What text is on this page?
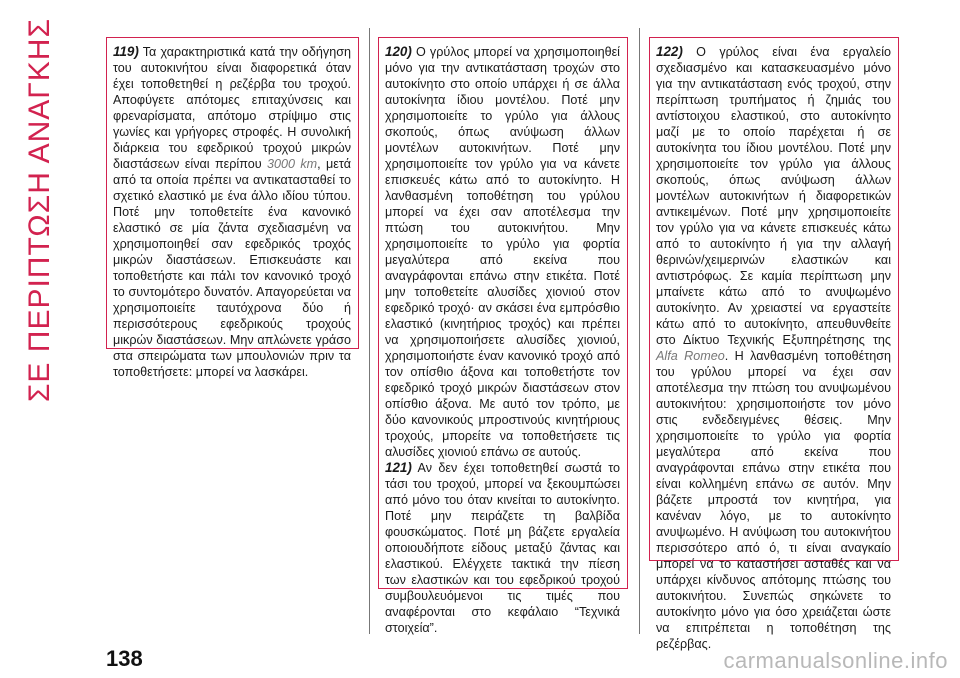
ΣΕ ΠΕΡΙΠΤΩΣΗ ΑΝΑΓΚΗΣ	119) Τα χαρακτηριστικά κατά την οδήγηση του αυτοκινήτου είναι διαφορετικά όταν έχει τοποθετηθεί η ρεζέρβα του τροχού. Αποφύγετε απότομες επιταχύνσεις και φρεναρίσματα, απότομο στρίψιμο στις γωνίες και γρήγορες στροφές. Η συνολική διάρκεια του εφεδρικού τροχού μικρών διαστάσεων είναι περίπου 3000 km, μετά από τα οποία πρέπει να αντικατασταθεί το σχετικό ελαστικό με ένα άλλο ιδίου τύπου. Ποτέ μην τοποθετείτε ένα κανονικό ελαστικό σε μία ζάντα σχεδιασμένη να χρησιμοποιηθεί σαν εφεδρικός τροχός μικρών διαστάσεων. Επισκευάστε και τοποθετήστε και πάλι τον κανονικό τροχό το συντομότερο δυνατόν. Απαγορεύεται να χρησιμοποιείτε ταυτόχρονα δύο ή περισσότερους εφεδρικούς τροχούς μικρών διαστάσεων. Μην απλώνετε γράσο στα σπειρώματα των μπουλονιών πριν τα τοποθετήσετε: μπορεί να λασκάρει.

120) Ο γρύλος μπορεί να χρησιμοποιηθεί μόνο για την αντικατάσταση τροχών στο αυτοκίνητο στο οποίο υπάρχει ή σε άλλα αυτοκίνητα ίδιου μοντέλου. Ποτέ μην χρησιμοποιείτε το γρύλο για άλλους σκοπούς, όπως ανύψωση άλλων μοντέλων αυτοκινήτων. Ποτέ μην χρησιμοποιείτε τον γρύλο για να κάνετε επισκευές κάτω από το αυτοκίνητο. Η λανθασμένη τοποθέτηση του γρύλου μπορεί να έχει σαν αποτέλεσμα την πτώση του αυτοκινήτου. Μην χρησιμοποιείτε το γρύλο για φορτία μεγαλύτερα από εκείνα που αναγράφονται επάνω στην ετικέτα. Ποτέ μην τοποθετείτε αλυσίδες χιονιού στον εφεδρικό τροχό· αν σκάσει ένα εμπρόσθιο ελαστικό (κινητήριος τροχός) και πρέπει να χρησιμοποιήσετε αλυσίδες χιονιού, χρησιμοποιήστε έναν κανονικό τροχό από τον οπίσθιο άξονα και τοποθετήστε τον εφεδρικό τροχό μικρών διαστάσεων στον οπίσθιο άξονα. Με αυτό τον τρόπο, με δύο κανονικούς μπροστινούς κινητήριους τροχούς, μπορείτε να τοποθετήσετε τις αλυσίδες χιονιού επάνω σε αυτούς.

121) Αν δεν έχει τοποθετηθεί σωστά το τάσι του τροχού, μπορεί να ξεκουμπώσει από μόνο του όταν κινείται το αυτοκίνητο. Ποτέ μην πειράζετε τη βαλβίδα φουσκώματος. Ποτέ μη βάζετε εργαλεία οποιουδήποτε είδους μεταξύ ζάντας και ελαστικού. Ελέγχετε τακτικά την πίεση των ελαστικών και του εφεδρικού τροχού συμβουλευόμενοι τις τιμές που αναφέρονται στο κεφάλαιο “Τεχνικά στοιχεία”.

122) Ο γρύλος είναι ένα εργαλείο σχεδιασμένο και κατασκευασμένο μόνο για την αντικατάσταση ενός τροχού, στην περίπτωση τρυπήματος ή ζημιάς του αντίστοιχου ελαστικού, στο αυτοκίνητο μαζί με το οποίο παρέχεται ή σε αυτοκίνητα του ίδιου μοντέλου. Ποτέ μην χρησιμοποιείτε τον γρύλο για άλλους σκοπούς, όπως ανύψωση άλλων μοντέλων αυτοκινήτων ή διαφορετικών αντικειμένων. Ποτέ μην χρησιμοποιείτε τον γρύλο για να κάνετε επισκευές κάτω από το αυτοκίνητο ή για την αλλαγή θερινών/χειμερινών ελαστικών και αντιστρόφως. Σε καμία περίπτωση μην μπαίνετε κάτω από το ανυψωμένο αυτοκίνητο. Αν χρειαστεί να εργαστείτε κάτω από το αυτοκίνητο, απευθυνθείτε στο Δίκτυο Τεχνικής Εξυπηρέτησης της Alfa Romeo. Η λανθασμένη τοποθέτηση του γρύλου μπορεί να έχει σαν αποτέλεσμα την πτώση του ανυψωμένου αυτοκινήτου: χρησιμοποιήστε τον μόνο στις ενδεδειγμένες θέσεις. Μην χρησιμοποιείτε το γρύλο για φορτία μεγαλύτερα από εκείνα που αναγράφονται επάνω στην ετικέτα που είναι κολλημένη επάνω σε αυτόν. Μην βάζετε μπροστά τον κινητήρα, για κανέναν λόγο, με το αυτοκίνητο ανυψωμένο. Η ανύψωση του αυτοκινήτου περισσότερο από ό, τι είναι αναγκαίο μπορεί να το καταστήσει ασταθές και να υπάρχει κίνδυνος απότομης πτώσης του αυτοκινήτου. Συνεπώς σηκώνετε το αυτοκίνητο μόνο για όσο χρειάζεται ώστε να επιτρέπεται η τοποθέτηση της ρεζέρβας.

138	carmanualsonline.info
